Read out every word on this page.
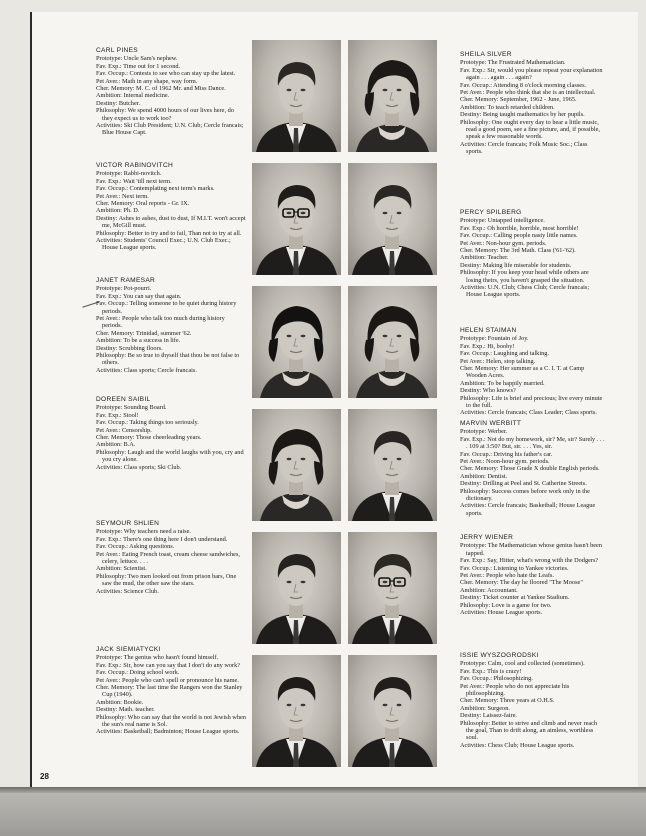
CARL PINES
Prototype: Uncle Sam's nephew.
Fav. Exp.: Time out for 1 second.
Fav. Occup.: Contests to see who can stay up the latest.
Pet Aver.: Math in any shape, way form.
Cher. Memory: M. C. of 1962 Mr. and Miss Dance.
Ambition: Internal medicine.
Destiny: Butcher.
Philosophy: We spend 4000 hours of our lives here, do they expect us to work too?
Activities: Ski Club President; U.N. Club; Cercle francais; Blue House Capt.
VICTOR RABINOVITCH
Prototype: Rabbi-novitch.
Fav. Exp.: Wait 'till next term.
Fav. Occup.: Contemplating next term's marks.
Pet Aver.: Next term.
Cher. Memory: Oral reports - Gr. IX.
Ambition: Ph. D.
Destiny: Ashes to ashes, dust to dust, If M.I.T. won't accept me, McGill must.
Philosophy: Better to try and to fail, Than not to try at all.
Activities: Students' Council Exec.; U.N. Club Exec.; House League sports.
JANET RAMESAR
Prototype: Pot-pourri.
Fav. Exp.: You can say that again.
Fav. Occup.: Telling someone to be quiet during history periods.
Pet Aver.: People who talk too much during history periods.
Cher. Memory: Trinidad, summer '62.
Ambition: To be a success in life.
Destiny: Scrubbing floors.
Philosophy: Be so true to thyself that thou be not false to others.
Activities: Class sports; Cercle francais.
DOREEN SAIBIL
Prototype: Sounding Board.
Fav. Exp.: Stool!
Fav. Occup.: Taking things too seriously.
Pet Aver.: Censorship.
Cher. Memory: Those cheerleading years.
Ambition: B.A.
Philosophy: Laugh and the world laughs with you, cry and you cry alone.
Activities: Class sports; Ski Club.
SEYMOUR SHLIEN
Prototype: Why teachers need a raise.
Fav. Exp.: There's one thing here I don't understand.
Fav. Occup.: Asking questions.
Pet Aver.: Eating French toast, cream cheese sandwiches, celery, lettuce. . . .
Ambition: Scientist.
Philosophy: Two men looked out from prison bars, One saw the mud, the other saw the stars.
Activities: Science Club.
JACK SIEMIATYCKI
Prototype: The genius who hasn't found himself.
Fav. Exp.: Sir, how can you say that I don't do any work?
Fav. Occup.: Doing school work.
Pet Aver.: People who can't spell or pronounce his name.
Cher. Memory: The last time the Rangers won the Stanley Cup (1940).
Ambition: Bookie.
Destiny: Math. teacher.
Philosophy: Who can say that the world is not Jewish when the sun's real name is Sol.
Activities: Basketball; Badminton; House League sports.
SHEILA SILVER
Prototype: The Frustrated Mathematician.
Fav. Exp.: Sir, would you please repeat your explanation again . . . again . . . again?
Fav. Occup.: Attending 8 o'clock morning classes.
Pet Aver.: People who think that she is an intellectual.
Cher. Memory: September, 1962 - June, 1965.
Ambition: To teach retarded children.
Destiny: Being taught mathematics by her pupils.
Philosophy: One ought every day to hear a little music, read a good poem, see a fine picture, and, if possible, speak a few reasonable words.
Activities: Cercle francais; Folk Music Soc.; Class sports.
PERCY SPILBERG
Prototype: Untapped intelligence.
Fav. Exp.: Oh horrible, horrible, most horrible!
Fav. Occup.: Calling people nasty little names.
Pet Aver.: Non-hour gym. periods.
Cher. Memory: The 3rd Math. Class ('61-'62).
Ambition: Teacher.
Destiny: Making life miserable for students.
Philosophy: If you keep your head while others are losing theirs, you haven't grasped the situation.
Activities: U.N. Club; Chess Club; Cercle francais; House League sports.
HELEN STAIMAN
Prototype: Fountain of Joy.
Fav. Exp.: Hi, booby!
Fav. Occup.: Laughing and talking.
Pet Aver.: Helen, stop talking.
Cher. Memory: Her summer as a C. I. T. at Camp Wooden Acres.
Ambition: To be happily married.
Destiny: Who knows?
Philosophy: Life is brief and precious; live every minute to the full.
Activities: Cercle francais; Class Leader; Class sports.
MARVIN WERBITT
Prototype: Werber.
Fav. Exp.: Not do my homework, sir? Me, sir? Surely . . . . 109 at 3:50? But, sir. . . . Yes, sir.
Fav. Occup.: Driving his father's car.
Pet Aver.: Noon-hour gym. periods.
Cher. Memory: Those Grade X double English periods.
Ambition: Dentist.
Destiny: Drilling at Peel and St. Catherine Streets.
Philosophy: Success comes before work only in the dictionary.
Activities: Cercle francais; Basketball; House League sports.
JERRY WIENER
Prototype: The Mathematician whose genius hasn't been tapped.
Fav. Exp.: Say, Hitter, what's wrong with the Dodgers?
Fav. Occup.: Listening to Yankee victories.
Pet Aver.: People who hate the Leafs.
Cher. Memory: The day he floored "The Moose"
Ambition: Accountant.
Destiny: Ticket counter at Yankee Stadium.
Philosophy: Love is a game for two.
Activities: House League sports.
ISSIE WYSZOGRODSKI
Prototype: Calm, cool and collected (sometimes).
Fav. Exp.: This is crazy!
Fav. Occup.: Philosophizing.
Pet Aver.: People who do not appreciate his philosophizing.
Cher. Memory: Three years at O.H.S.
Ambition: Surgeon.
Destiny: Laissez-faire.
Philosophy: Better to strive and climb and never reach the goal, Than to drift along, an aimless, worthless soul.
Activities: Chess Club; House League sports.
28
